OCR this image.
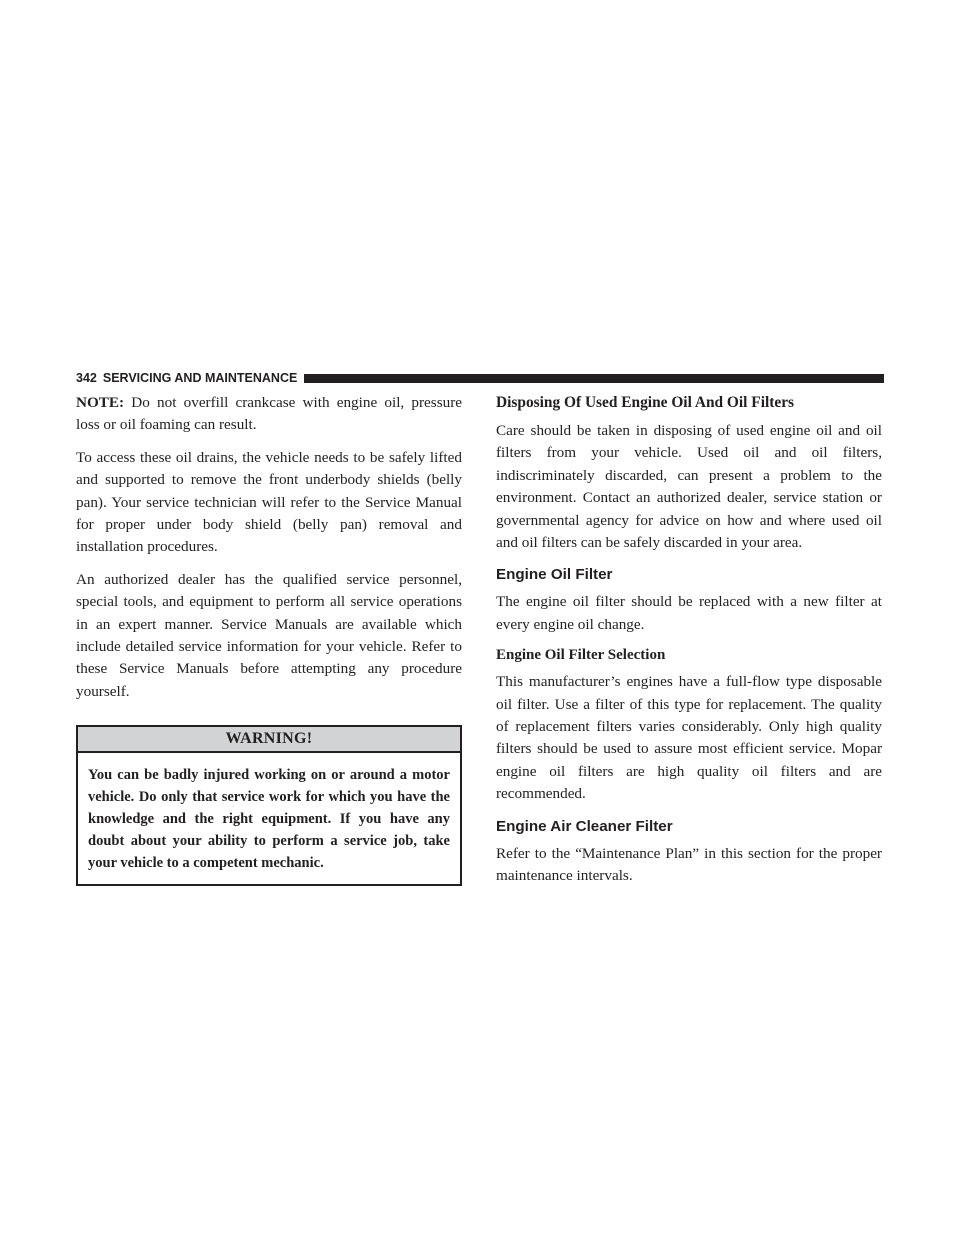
342 SERVICING AND MAINTENANCE

NOTE: Do not overfill crankcase with engine oil, pressure loss or oil foaming can result.

To access these oil drains, the vehicle needs to be safely lifted and supported to remove the front underbody shields (belly pan). Your service technician will refer to the Service Manual for proper under body shield (belly pan) removal and installation procedures.

An authorized dealer has the qualified service personnel, special tools, and equipment to perform all service operations in an expert manner. Service Manuals are available which include detailed service information for your vehicle. Refer to these Service Manuals before attempting any procedure yourself.

WARNING!
You can be badly injured working on or around a motor vehicle. Do only that service work for which you have the knowledge and the right equipment. If you have any doubt about your ability to perform a service job, take your vehicle to a competent mechanic.
Disposing Of Used Engine Oil And Oil Filters

Care should be taken in disposing of used engine oil and oil filters from your vehicle. Used oil and oil filters, indiscriminately discarded, can present a problem to the environment. Contact an authorized dealer, service station or governmental agency for advice on how and where used oil and oil filters can be safely discarded in your area.

Engine Oil Filter

The engine oil filter should be replaced with a new filter at every engine oil change.

Engine Oil Filter Selection

This manufacturer’s engines have a full-flow type disposable oil filter. Use a filter of this type for replacement. The quality of replacement filters varies considerably. Only high quality filters should be used to assure most efficient service. Mopar engine oil filters are high quality oil filters and are recommended.

Engine Air Cleaner Filter

Refer to the “Maintenance Plan” in this section for the proper maintenance intervals.
